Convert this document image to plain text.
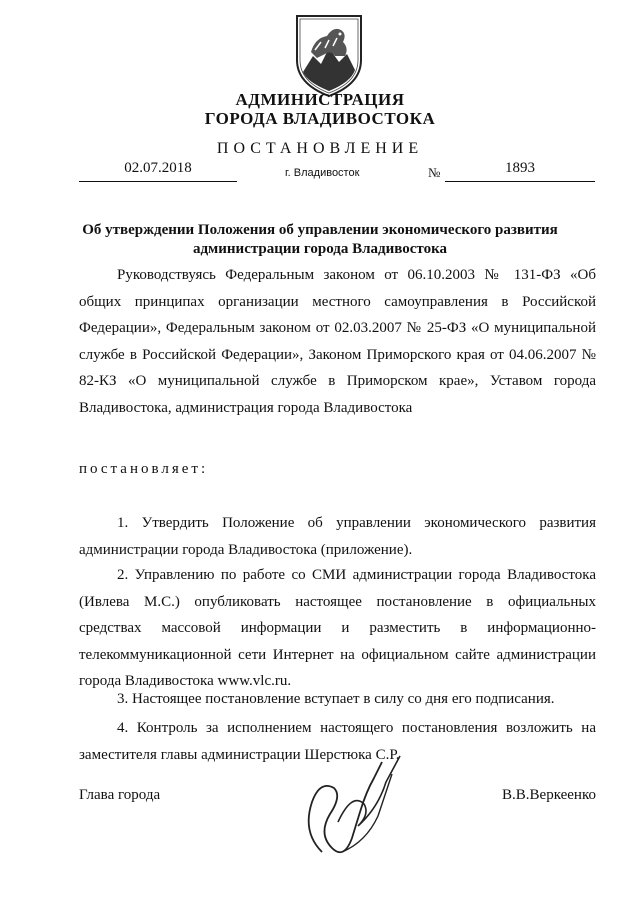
АДМИНИСТРАЦИЯ
ГОРОДА ВЛАДИВОСТОКА
ПОСТАНОВЛЕНИЕ
02.07.2018	г. Владивосток	№	1893
Об утверждении Положения об управлении экономического развития администрации города Владивостока
Руководствуясь Федеральным законом от 06.10.2003 № 131-ФЗ «Об общих принципах организации местного самоуправления в Российской Федерации», Федеральным законом от 02.03.2007 № 25-ФЗ «О муниципальной службе в Российской Федерации», Законом Приморского края от 04.06.2007 № 82-КЗ «О муниципальной службе в Приморском крае», Уставом города Владивостока, администрация города Владивостока
постановляет:
1. Утвердить Положение об управлении экономического развития администрации города Владивостока (приложение).
2. Управлению по работе со СМИ администрации города Владивостока (Ивлева М.С.) опубликовать настоящее постановление в официальных средствах массовой информации и разместить в информационно-телекоммуникационной сети Интернет на официальном сайте администрации города Владивостока www.vlc.ru.
3. Настоящее постановление вступает в силу со дня его подписания.
4. Контроль за исполнением настоящего постановления возложить на заместителя главы администрации Шерстюка С.Р.
Глава города	В.В.Веркеенко
